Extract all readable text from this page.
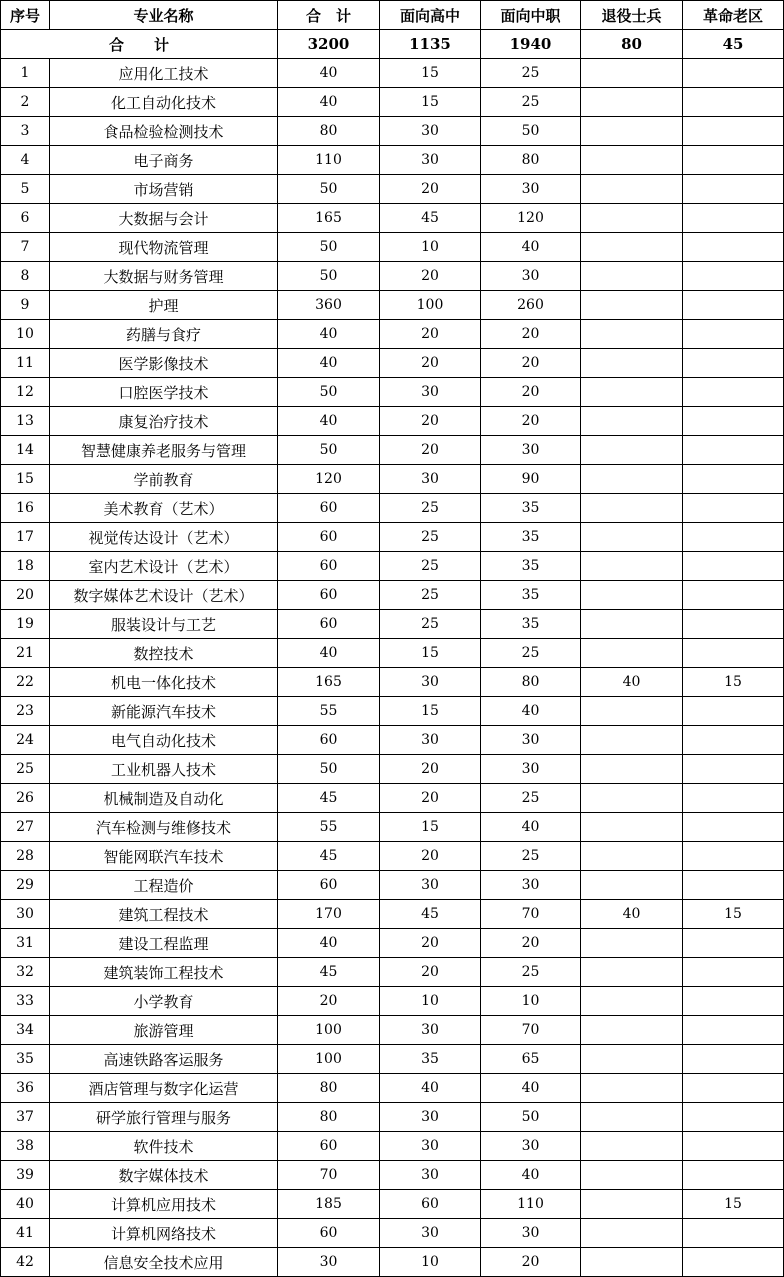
序号	专业名称	合　计	面向高中	面向中职	退役士兵	革命老区
合　　计		3200	1135	1940	80	45
1	应用化工技术	40	15	25		
2	化工自动化技术	40	15	25		
3	食品检验检测技术	80	30	50		
4	电子商务	110	30	80		
5	市场营销	50	20	30		
6	大数据与会计	165	45	120		
7	现代物流管理	50	10	40		
8	大数据与财务管理	50	20	30		
9	护理	360	100	260		
10	药膳与食疗	40	20	20		
11	医学影像技术	40	20	20		
12	口腔医学技术	50	30	20		
13	康复治疗技术	40	20	20		
14	智慧健康养老服务与管理	50	20	30		
15	学前教育	120	30	90		
16	美术教育（艺术）	60	25	35		
17	视觉传达设计（艺术）	60	25	35		
18	室内艺术设计（艺术）	60	25	35		
20	数字媒体艺术设计（艺术）	60	25	35		
19	服装设计与工艺	60	25	35		
21	数控技术	40	15	25		
22	机电一体化技术	165	30	80	40	15
23	新能源汽车技术	55	15	40		
24	电气自动化技术	60	30	30		
25	工业机器人技术	50	20	30		
26	机械制造及自动化	45	20	25		
27	汽车检测与维修技术	55	15	40		
28	智能网联汽车技术	45	20	25		
29	工程造价	60	30	30		
30	建筑工程技术	170	45	70	40	15
31	建设工程监理	40	20	20		
32	建筑装饰工程技术	45	20	25		
33	小学教育	20	10	10		
34	旅游管理	100	30	70		
35	高速铁路客运服务	100	35	65		
36	酒店管理与数字化运营	80	40	40		
37	研学旅行管理与服务	80	30	50		
38	软件技术	60	30	30		
39	数字媒体技术	70	30	40		
40	计算机应用技术	185	60	110		15
41	计算机网络技术	60	30	30		
42	信息安全技术应用	30	10	20		
